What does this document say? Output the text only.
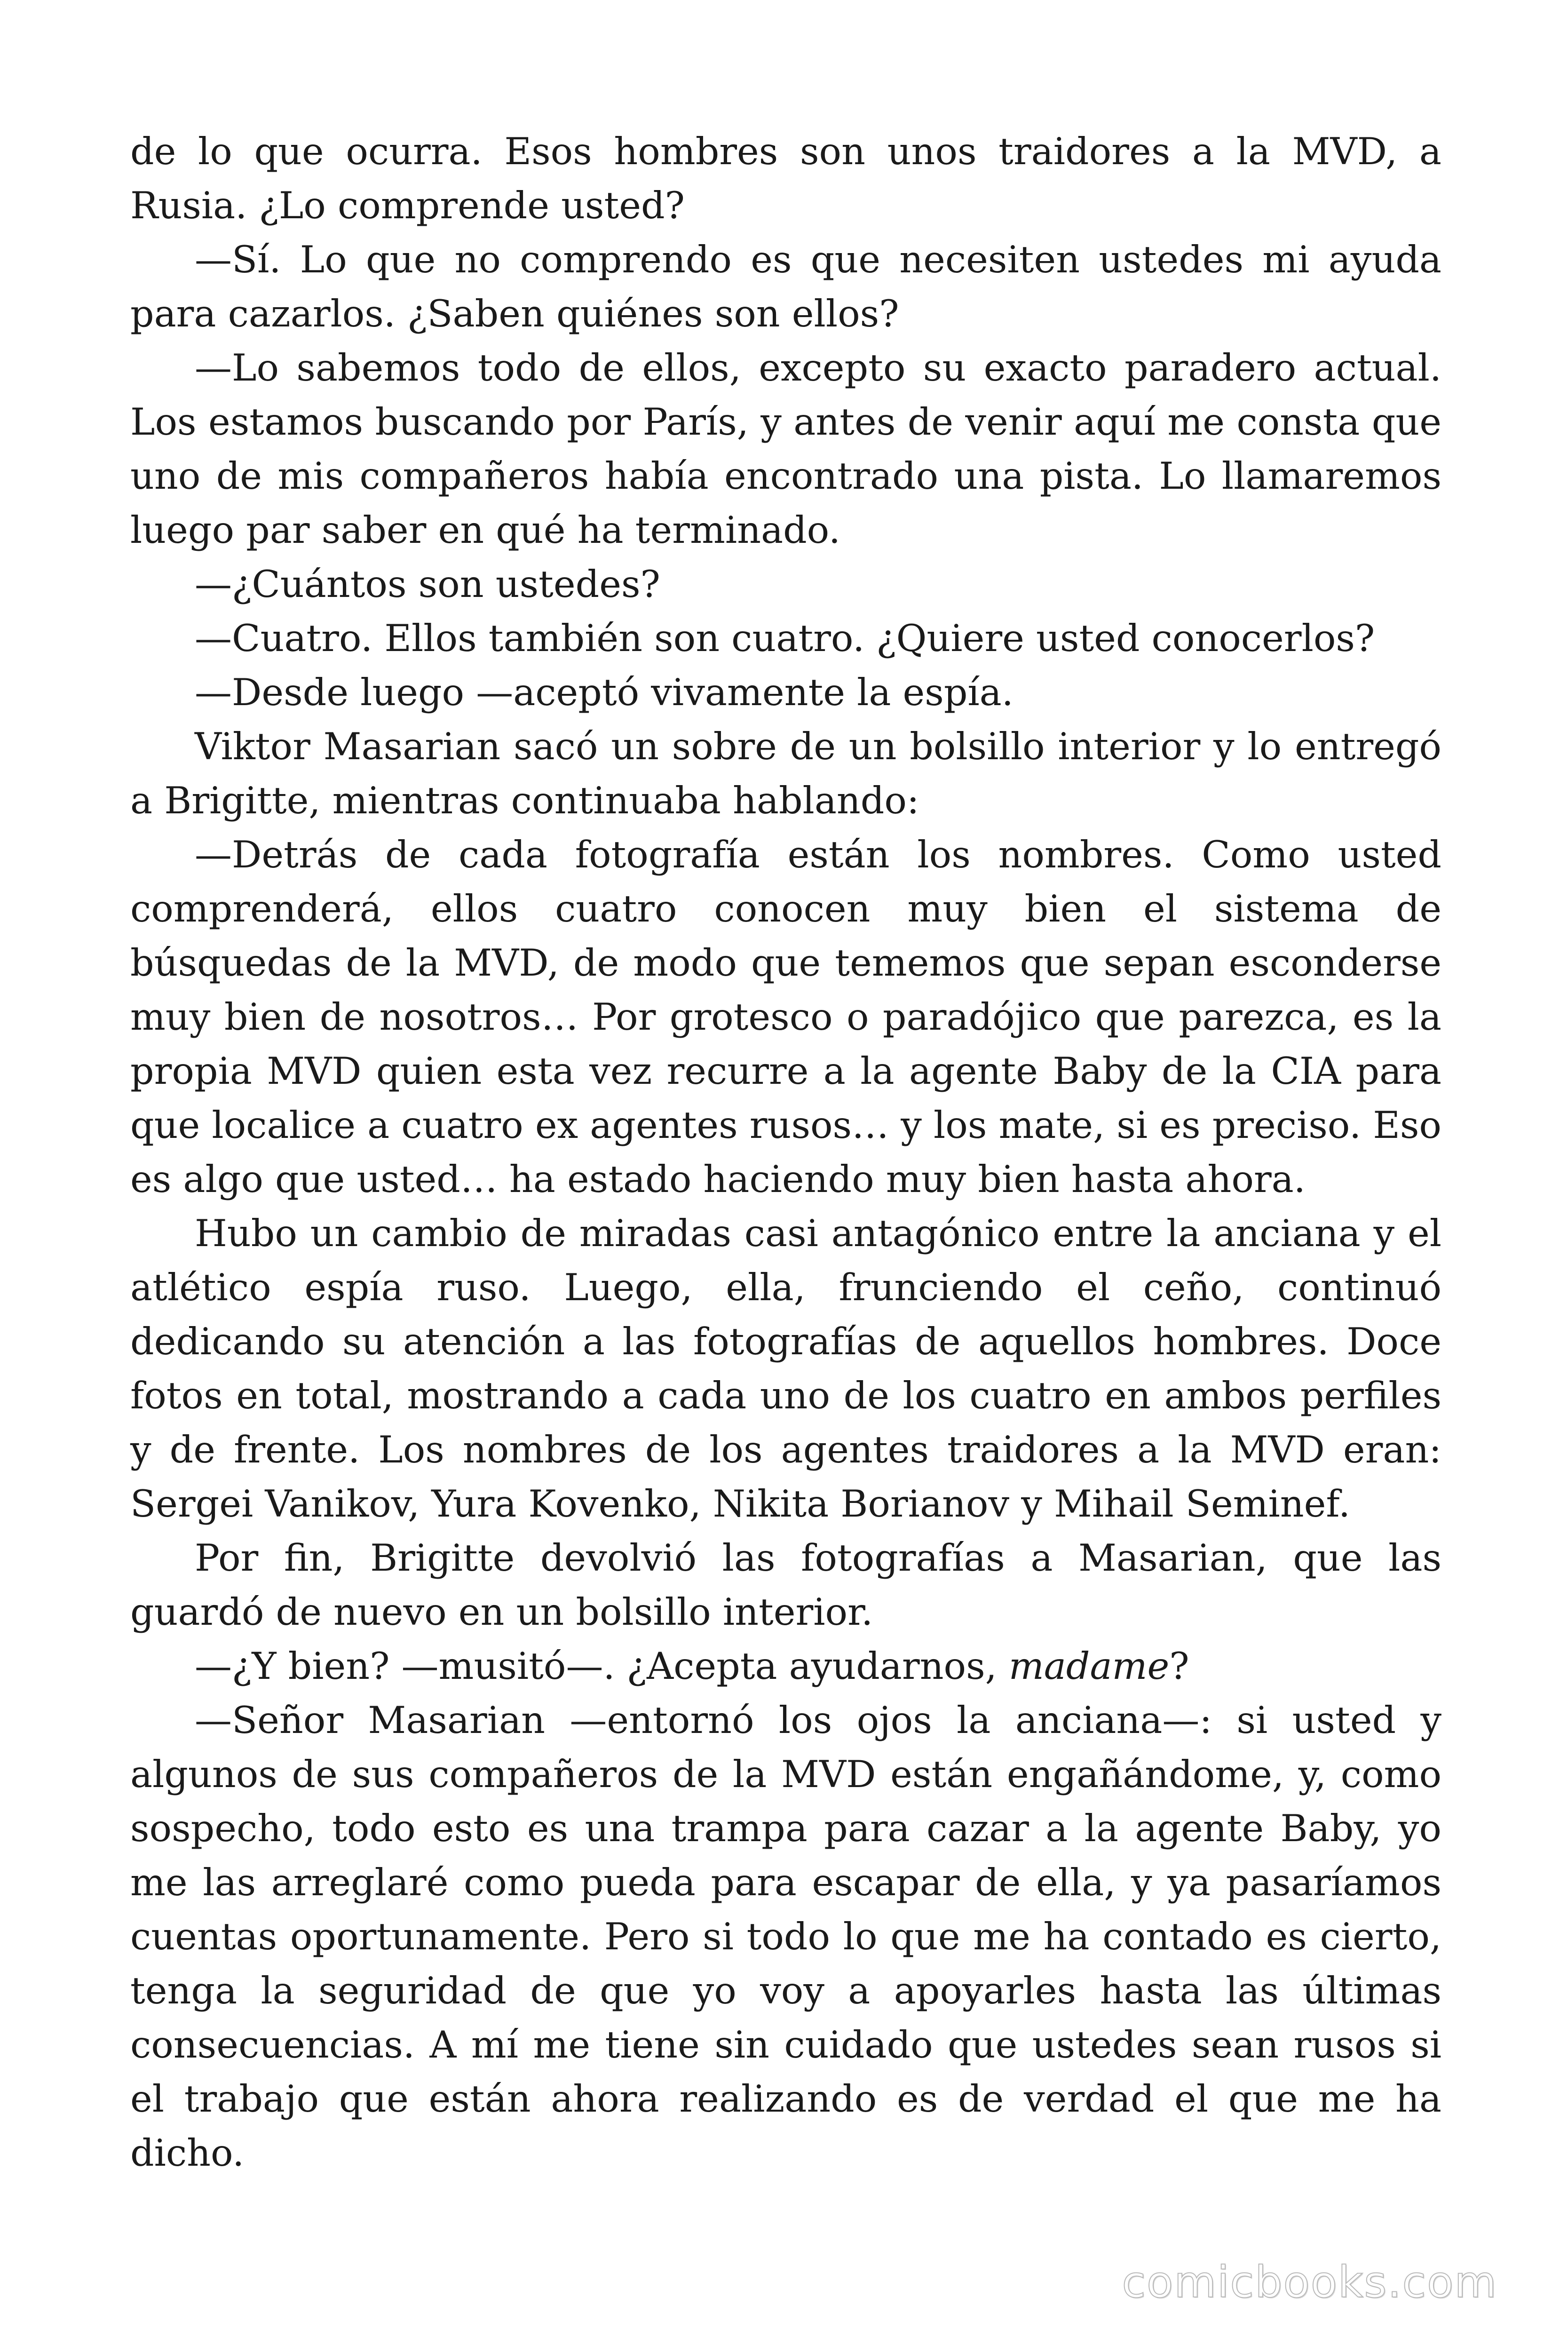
de lo que ocurra. Esos hombres son unos traidores a la MVD, a Rusia. ¿Lo comprende usted?

—Sí. Lo que no comprendo es que necesiten ustedes mi ayuda para cazarlos. ¿Saben quiénes son ellos?

—Lo sabemos todo de ellos, excepto su exacto paradero actual. Los estamos buscando por París, y antes de venir aquí me consta que uno de mis compañeros había encontrado una pista. Lo llamaremos luego par saber en qué ha terminado.

—¿Cuántos son ustedes?

—Cuatro. Ellos también son cuatro. ¿Quiere usted conocerlos?

—Desde luego —aceptó vivamente la espía.

Viktor Masarian sacó un sobre de un bolsillo interior y lo entregó a Brigitte, mientras continuaba hablando:

—Detrás de cada fotografía están los nombres. Como usted comprenderá, ellos cuatro conocen muy bien el sistema de búsquedas de la MVD, de modo que tememos que sepan esconderse muy bien de nosotros… Por grotesco o paradójico que parezca, es la propia MVD quien esta vez recurre a la agente Baby de la CIA para que localice a cuatro ex agentes rusos… y los mate, si es preciso. Eso es algo que usted… ha estado haciendo muy bien hasta ahora.

Hubo un cambio de miradas casi antagónico entre la anciana y el atlético espía ruso. Luego, ella, frunciendo el ceño, continuó dedicando su atención a las fotografías de aquellos hombres. Doce fotos en total, mostrando a cada uno de los cuatro en ambos perfiles y de frente. Los nombres de los agentes traidores a la MVD eran: Sergei Vanikov, Yura Kovenko, Nikita Borianov y Mihail Seminef.

Por fin, Brigitte devolvió las fotografías a Masarian, que las guardó de nuevo en un bolsillo interior.

—¿Y bien? —musitó—. ¿Acepta ayudarnos, madame?

—Señor Masarian —entornó los ojos la anciana—: si usted y algunos de sus compañeros de la MVD están engañándome, y, como sospecho, todo esto es una trampa para cazar a la agente Baby, yo me las arreglaré como pueda para escapar de ella, y ya pasaríamos cuentas oportunamente. Pero si todo lo que me ha contado es cierto, tenga la seguridad de que yo voy a apoyarles hasta las últimas consecuencias. A mí me tiene sin cuidado que ustedes sean rusos si el trabajo que están ahora realizando es de verdad el que me ha dicho.

comicbooks.com
